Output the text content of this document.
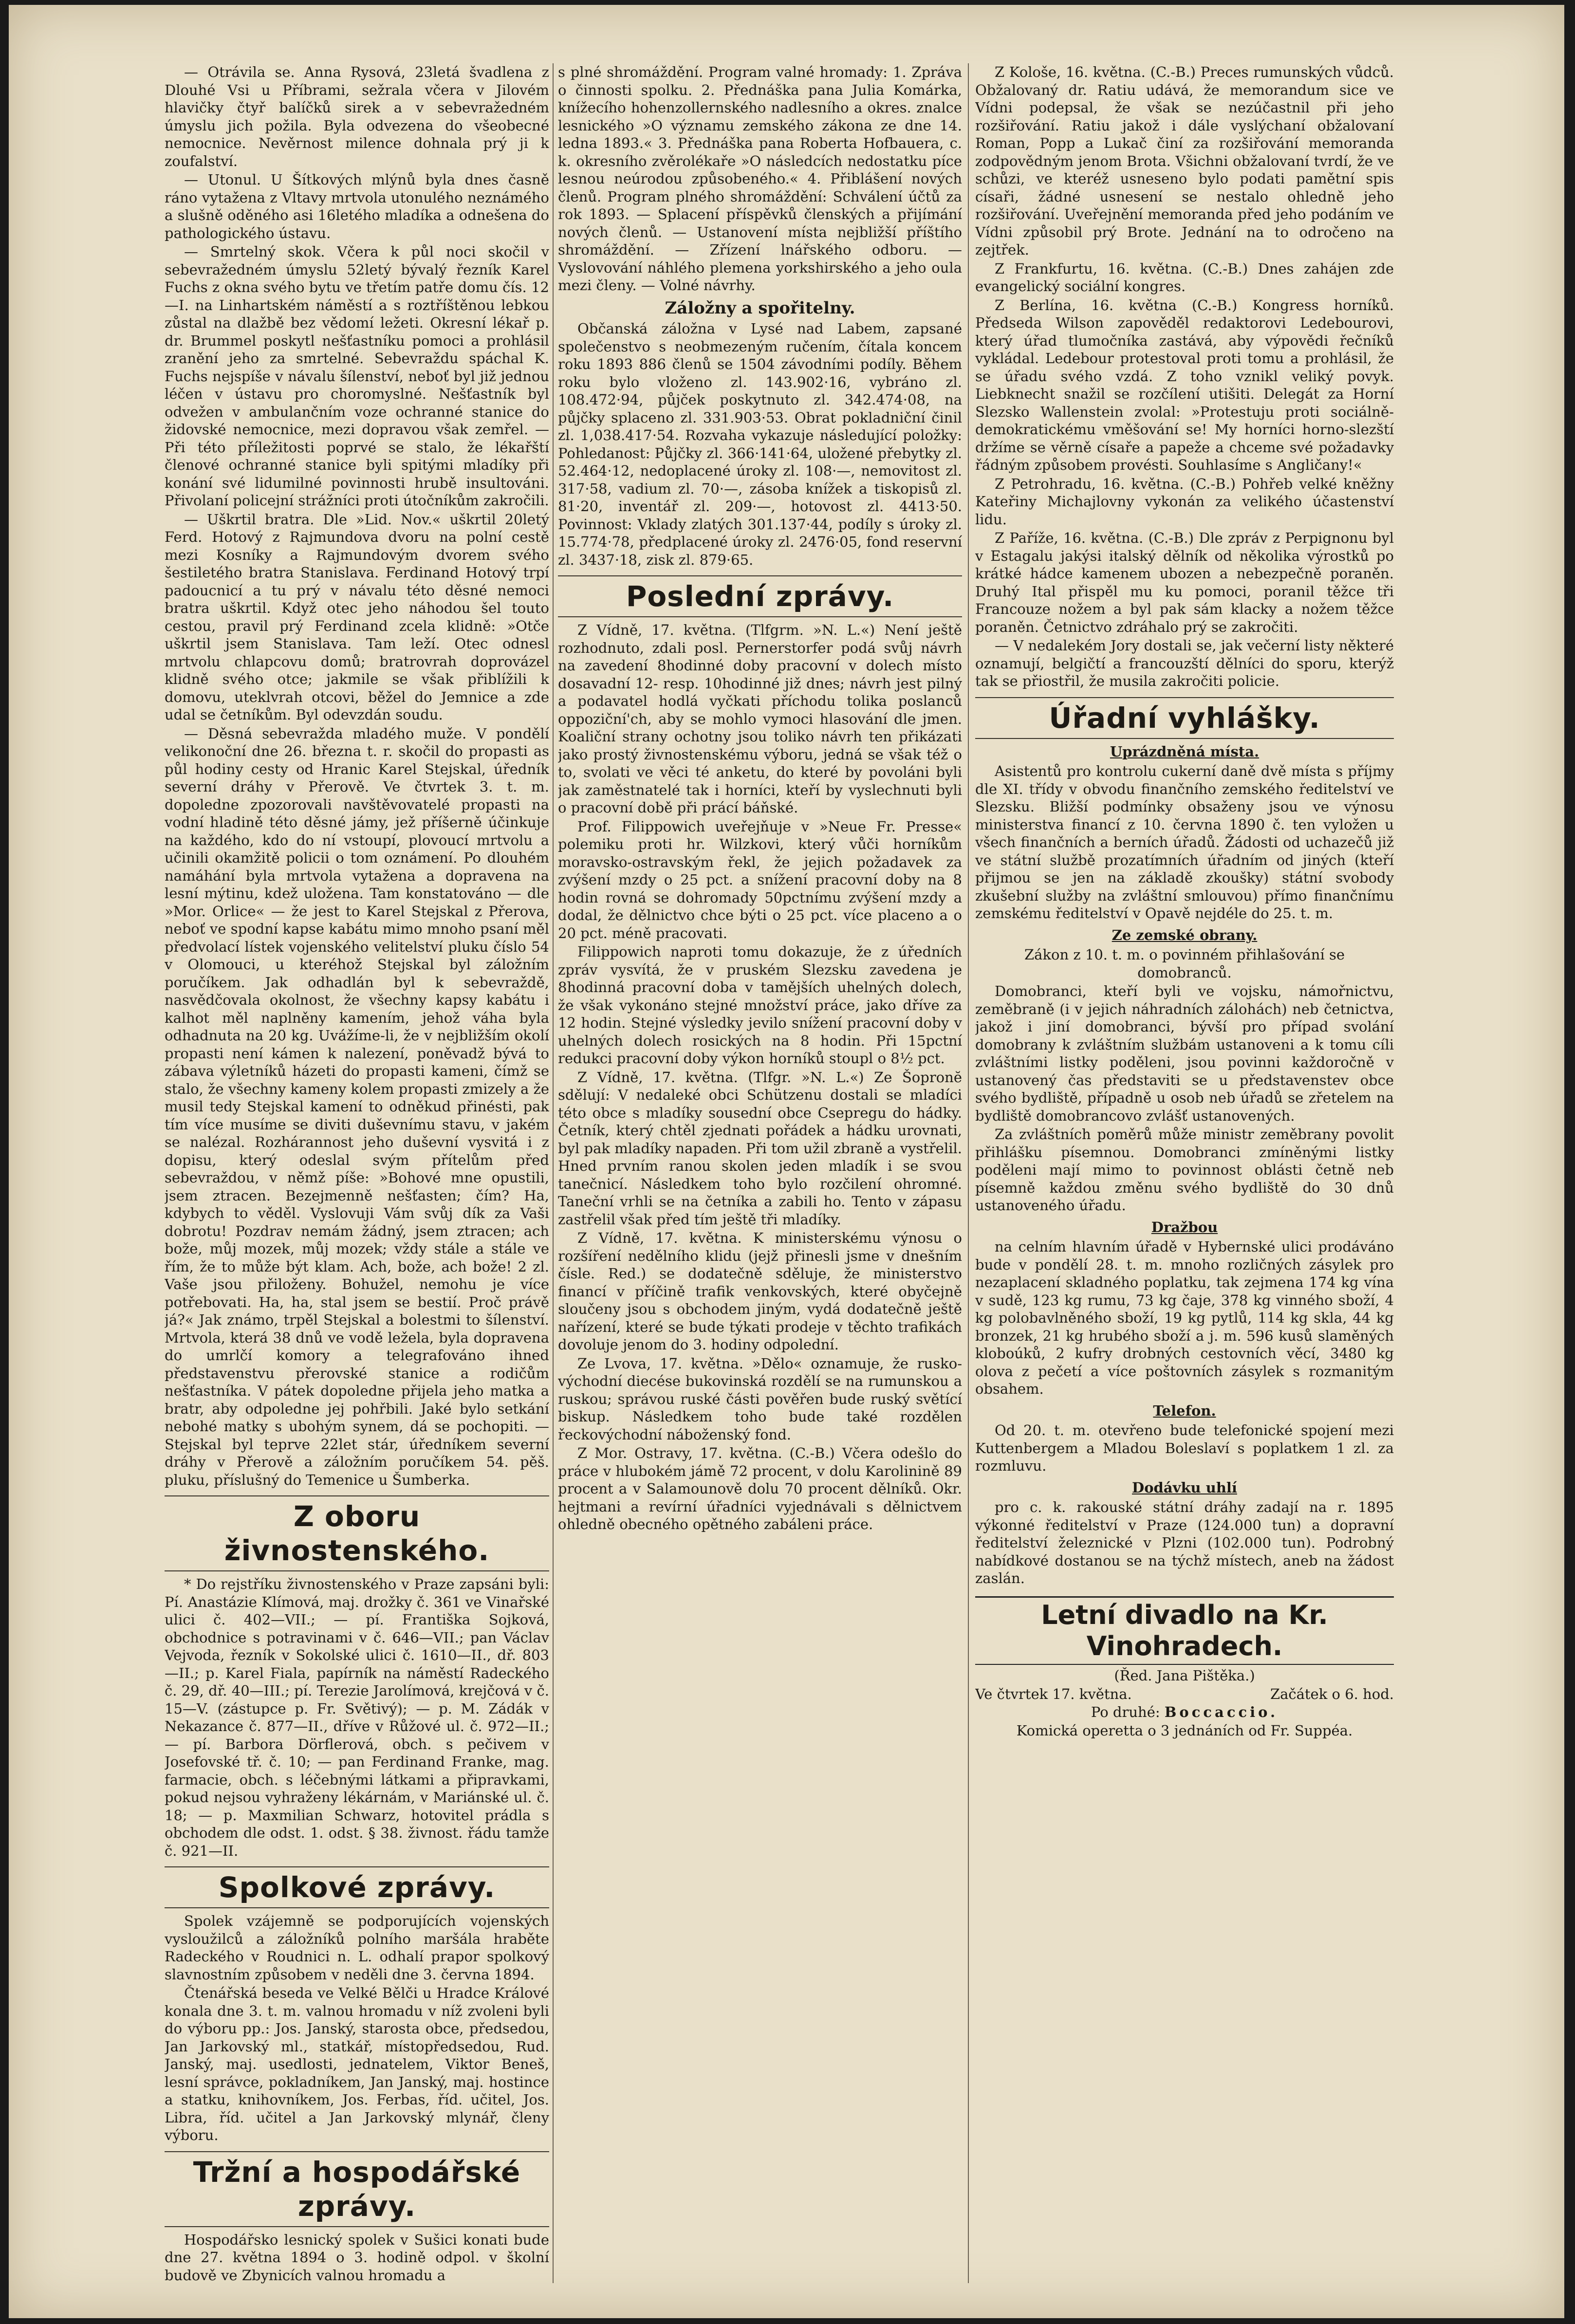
— Otrávila se. Anna Rysová, 23letá švadlena z Dlouhé Vsi u Příbrami, sežrala včera v Jilovém hlavičky čtyř balíčků sirek a v sebevražedném úmyslu jich požila. Byla odvezena do všeobecné nemocnice. Nevěrnost milence dohnala prý ji k zoufalství.

— Utonul. U Šítkových mlýnů byla dnes časně ráno vytažena z Vltavy mrtvola utonulého neznámého a slušně oděného asi 16letého mladíka a odnešena do pathologického ústavu.

— Smrtelný skok. Včera k půl noci skočil v sebevražedném úmyslu 52letý bývalý řezník Karel Fuchs z okna svého bytu ve třetím patře domu čís. 12—I. na Linhartském náměstí a s roztříštěnou lebkou zůstal na dlažbě bez vědomí ležeti. Okresní lékař p. dr. Brummel poskytl nešťastníku pomoci a prohlásil zranění jeho za smrtelné. Sebevraždu spáchal K. Fuchs nejspíše v návalu šílenství, neboť byl již jednou léčen v ústavu pro choromyslné. Nešťastník byl odvežen v ambulančním voze ochranné stanice do židovské nemocnice, mezi dopravou však zemřel. — Při této příležitosti poprvé se stalo, že lékařští členové ochranné stanice byli spitými mladíky při konání své lidumilné povinnosti hrubě insultováni. Přivolaní policejní strážníci proti útočníkům zakročili.

— Uškrtil bratra. Dle »Lid. Nov.« uškrtil 20letý Ferd. Hotový z Rajmundova dvoru na polní cestě mezi Kosníky a Rajmundovým dvorem svého šestiletého bratra Stanislava. Ferdinand Hotový trpí padoucnicí a tu prý v návalu této děsné nemoci bratra uškrtil. Když otec jeho náhodou šel touto cestou, pravil prý Ferdinand zcela klidně: »Otče uškrtil jsem Stanislava. Tam leží. Otec odnesl mrtvolu chlapcovu domů; bratrovrah doprovázel klidně svého otce; jakmile se však přiblížili k domovu, uteklvrah otcovi, běžel do Jemnice a zde udal se četníkům. Byl odevzdán soudu.

— Děsná sebevražda mladého muže. V pondělí velikonoční dne 26. března t. r. skočil do propasti as půl hodiny cesty od Hranic Karel Stejskal, úředník severní dráhy v Přerově. Ve čtvrtek 3. t. m. dopoledne zpozorovali navštěvovatelé propasti na vodní hladině této děsné jámy, jež příšerně účinkuje na každého, kdo do ní vstoupí, plovoucí mrtvolu a učinili okamžitě policii o tom oznámení. Po dlouhém namáhání byla mrtvola vytažena a dopravena na lesní mýtinu, kdež uložena. Tam konstatováno — dle »Mor. Orlice« — že jest to Karel Stejskal z Přerova, neboť ve spodní kapse kabátu mimo mnoho psaní měl předvolací lístek vojenského velitelství pluku číslo 54 v Olomouci, u kteréhož Stejskal byl záložním poručíkem. Jak odhadlán byl k sebevraždě, nasvědčovala okolnost, že všechny kapsy kabátu i kalhot měl naplněny kamením, jehož váha byla odhadnuta na 20 kg. Uvážíme-li, že v nejbližším okolí propasti není kámen k nalezení, poněvadž bývá to zábava výletníků házeti do propasti kameni, čímž se stalo, že všechny kameny kolem propasti zmizely a že musil tedy Stejskal kamení to odněkud přinésti, pak tím více musíme se diviti duševnímu stavu, v jakém se nalézal. Rozhárannost jeho duševní vysvitá i z dopisu, který odeslal svým přítelům před sebevraždou, v němž píše: »Bohové mne opustili, jsem ztracen. Bezejmenně nešťasten; čím? Ha, kdybych to věděl. Vyslovuji Vám svůj dík za Vaši dobrotu! Pozdrav nemám žádný, jsem ztracen; ach bože, můj mozek, můj mozek; vždy stále a stále ve řím, že to může být klam. Ach, bože, ach bože! 2 zl. Vaše jsou přiloženy. Bohužel, nemohu je více potřebovati. Ha, ha, stal jsem se bestií. Proč právě já?« Jak známo, trpěl Stejskal a bolestmi to šílenství. Mrtvola, která 38 dnů ve vodě ležela, byla dopravena do umrlčí komory a telegrafováno ihned představenstvu přerovské stanice a rodičům nešťastníka. V pátek dopoledne přijela jeho matka a bratr, aby odpoledne jej pohřbili. Jaké bylo setkání nebohé matky s ubohým synem, dá se pochopiti. — Stejskal byl teprve 22let stár, úředníkem severní dráhy v Přerově a záložním poručíkem 54. pěš. pluku, příslušný do Temenice u Šumberka.

Z oboru živnostenského.

* Do rejstříku živnostenského v Praze zapsáni byli: Pí. Anastázie Klímová, maj. drožky č. 361 ve Vinařské ulici č. 402—VII.; — pí. Františka Sojková, obchodnice s potravinami v č. 646—VII.; pan Václav Vejvoda, řezník v Sokolské ulici č. 1610—II., dř. 803—II.; p. Karel Fiala, papírník na náměstí Radeckého č. 29, dř. 40—III.; pí. Terezie Jarolímová, krejčová v č. 15—V. (zástupce p. Fr. Světivý); — p. M. Zádák v Nekazance č. 877—II., dříve v Růžové ul. č. 972—II.; — pí. Barbora Dörflerová, obch. s pečivem v Josefovské tř. č. 10; — pan Ferdinand Franke, mag. farmacie, obch. s léčebnými látkami a připravkami, pokud nejsou vyhraženy lékárnám, v Mariánské ul. č. 18; — p. Maxmilian Schwarz, hotovitel prádla s obchodem dle odst. 1. odst. § 38. živnost. řádu tamže č. 921—II.

Spolkové zprávy.

Spolek vzájemně se podporujících vojenských vysloužilců a záložníků polního maršála hraběte Radeckého v Roudnici n. L. odhalí prapor spolkový slavnostním způsobem v neděli dne 3. června 1894.

Čtenářská beseda ve Velké Bělči u Hradce Králové konala dne 3. t. m. valnou hromadu v níž zvoleni byli do výboru pp.: Jos. Janský, starosta obce, předsedou, Jan Jarkovský ml., statkář, místopředsedou, Rud. Janský, maj. usedlosti, jednatelem, Viktor Beneš, lesní správce, pokladníkem, Jan Janský, maj. hostince a statku, knihovníkem, Jos. Ferbas, říd. učitel, Jos. Libra, říd. učitel a Jan Jarkovský mlynář, členy výboru.

Tržní a hospodářské zprávy.

Hospodářsko lesnický spolek v Sušici konati bude dne 27. května 1894 o 3. hodině odpol. v školní budově ve Zbynicích valnou hromadu a

s plné shromáždění. Program valné hromady: 1. Zpráva o činnosti spolku. 2. Přednáška pana Julia Komárka, knížecího hohenzollernského nadlesního a okres. znalce lesnického »O významu zemského zákona ze dne 14. ledna 1893.« 3. Přednáška pana Roberta Hofbauera, c. k. okresního zvěrolékaře »O následcích nedostatku píce lesnou neúrodou způsobeného.« 4. Přiblášení nových členů. Program plného shromáždění: Schválení účtů za rok 1893. — Splacení příspěvků členských a přijímání nových členů. — Ustanovení místa nejbližší příštího shromáždění. — Zřízení lnářského odboru. — Vyslovování náhlého plemena yorkshirského a jeho oula mezi členy. — Volné návrhy.

Záložny a spořitelny.

Občanská záložna v Lysé nad Labem, zapsané společenstvo s neobmezeným ručením, čítala koncem roku 1893 886 členů se 1504 závodními podíly. Během roku bylo vloženo zl. 143.902·16, vybráno zl. 108.472·94, půjček poskytnuto zl. 342.474·08, na půjčky splaceno zl. 331.903·53. Obrat pokladniční činil zl. 1,038.417·54. Rozvaha vykazuje následující položky: Pohledanost: Půjčky zl. 366·141·64, uložené přebytky zl. 52.464·12, nedoplacené úroky zl. 108·—, nemovitost zl. 317·58, vadium zl. 70·—, zásoba knížek a tiskopisů zl. 81·20, inventář zl. 209·—, hotovost zl. 4413·50. Povinnost: Vklady zlatých 301.137·44, podíly s úroky zl. 15.774·78, předplacené úroky zl. 2476·05, fond reservní zl. 3437·18, zisk zl. 879·65.

Poslední zprávy.

Z Vídně, 17. května. (Tlfgrm. »N. L.«) Není ještě rozhodnuto, zdali posl. Pernerstorfer podá svůj návrh na zavedení 8hodinné doby pracovní v dolech místo dosavadní 12- resp. 10hodinné již dnes; návrh jest pilný a podavatel hodlá vyčkati příchodu tolika poslanců oppoziční'ch, aby se mohlo vymoci hlasování dle jmen. Koaliční strany ochotny jsou toliko návrh ten přikázati jako prostý živnostenskému výboru, jedná se však též o to, svolati ve věci té anketu, do které by povoláni byli jak zaměstnatelé tak i horníci, kteří by vyslechnuti byli o pracovní době při prácí báňské.

Prof. Filippowich uveřejňuje v »Neue Fr. Presse« polemiku proti hr. Wilzkovi, který vůči horníkům moravsko-ostravským řekl, že jejich požadavek za zvýšení mzdy o 25 pct. a snížení pracovní doby na 8 hodin rovná se dohromady 50pctnímu zvýšení mzdy a dodal, že dělnictvo chce býti o 25 pct. více placeno a o 20 pct. méně pracovati.

Filippowich naproti tomu dokazuje, že z úředních zpráv vysvítá, že v pruském Slezsku zavedena je 8hodinná pracovní doba v tamějších uhelných dolech, že však vykonáno stejné množství práce, jako dříve za 12 hodin. Stejné výsledky jevilo snížení pracovní doby v uhelných dolech rosických na 8 hodin. Při 15pctní redukci pracovní doby výkon horníků stoupl o 8½ pct.

Z Vídně, 17. května. (Tlfgr. »N. L.«) Ze Šopronĕ sdělují: V nedaleké obci Schützenu dostali se mladíci této obce s mladíky sousední obce Csepregu do hádky. Četník, který chtěl zjednati pořádek a hádku urovnati, byl pak mladíky napaden. Při tom užil zbraně a vystřelil. Hned prvním ranou skolen jeden mladík i se svou tanečnicí. Následkem toho bylo rozčilení ohromné. Taneční vrhli se na četníka a zabili ho. Tento v zápasu zastřelil však před tím ještě tři mladíky.

Z Vídně, 17. května. K ministerskému výnosu o rozšíření nedělního klidu (jejž přinesli jsme v dnešním čísle. Red.) se dodatečně sděluje, že ministerstvo financí v příčině trafik venkovských, které obyčejně sloučeny jsou s obchodem jiným, vydá dodatečně ještě nařízení, které se bude týkati prodeje v těchto trafikách dovoluje jenom do 3. hodiny odpolední.

Ze Lvova, 17. května. »Dělo« oznamuje, že rusko-východní diecése bukovinská rozdělí se na rumunskou a ruskou; správou ruské části pověřen bude ruský světící biskup. Následkem toho bude také rozdělen řeckovýchodní náboženský fond.

Z Mor. Ostravy, 17. května. (C.-B.) Včera odešlo do práce v hlubokém jámě 72 procent, v dolu Karolinině 89 procent a v Salamounově dolu 70 procent dělníků. Okr. hejtmani a revírní úřadníci vyjednávali s dělnictvem ohledně obecného opětného zabáleni práce.

Z Kološe, 16. května. (C.-B.) Preces rumunských vůdců. Obžalovaný dr. Ratiu udává, že memorandum sice ve Vídni podepsal, že však se nezúčastnil při jeho rozšiřování. Ratiu jakož i dále vyslýchaní obžalovaní Roman, Popp a Lukač činí za rozšiřování memoranda zodpovědným jenom Brota. Všichni obžalovaní tvrdí, že ve schůzi, ve kteréž usneseno bylo podati pamětní spis císaři, žádné usnesení se nestalo ohledně jeho rozšiřování. Uveřejnění memoranda před jeho podáním ve Vídni způsobil prý Brote. Jednání na to odročeno na zejtřek.

Z Frankfurtu, 16. května. (C.-B.) Dnes zahájen zde evangelický sociální kongres.

Z Berlína, 16. května (C.-B.) Kongress horníků. Předseda Wilson zapověděl redaktorovi Ledebourovi, který úřad tlumočníka zastává, aby výpovědi řečníků vykládal. Ledebour protestoval proti tomu a prohlásil, že se úřadu svého vzdá. Z toho vznikl veliký povyk. Liebknecht snažil se rozčílení utišiti. Delegát za Horní Slezsko Wallenstein zvolal: »Protestuju proti sociálně-demokratickému vměšování se! My horníci horno-slezští držíme se věrně císaře a papeže a chceme své požadavky řádným způsobem provésti. Souhlasíme s Angličany!«

Z Petrohradu, 16. května. (C.-B.) Pohřeb velké kněžny Kateřiny Michajlovny vykonán za velikého účastenství lidu.

Z Paříže, 16. května. (C.-B.) Dle zpráv z Perpignonu byl v Estagalu jakýsi italský dělník od několika výrostků po krátké hádce kamenem ubozen a nebezpečně poraněn. Druhý Ital přispěl mu ku pomoci, poranil těžce tři Francouze nožem a byl pak sám klacky a nožem těžce poraněn. Četnictvo zdráhalo prý se zakročiti.

— V nedalekém Jory dostali se, jak večerní listy některé oznamují, belgičtí a francouzští dělníci do sporu, kterýž tak se přiostřil, že musila zakročiti policie.

Úřadní vyhlášky.
Uprázdněná místa.

Asistentů pro kontrolu cukerní daně dvě místa s příjmy dle XI. třídy v obvodu finančního zemského ředitelství ve Slezsku. Bližší podmínky obsaženy jsou ve výnosu ministerstva financí z 10. června 1890 č. ten vyložen u všech finančních a berních úřadů. Žádosti od uchazečů již ve státní službě prozatímních úřadním od jiných (kteří přijmou se jen na základě zkoušky) státní svobody zkušební služby na zvláštní smlouvou) přímo finančnímu zemskému ředitelství v Opavě nejdéle do 25. t. m.

Ze zemské obrany.

Zákon z 10. t. m. o povinném přihlašování se domobranců.

Domobranci, kteří byli ve vojsku, námořnictvu, zeměbraně (i v jejich náhradních zálohách) neb četnictva, jakož i jiní domobranci, bývší pro případ svolání domobrany k zvláštním službám ustanoveni a k tomu cíli zvláštními listky poděleni, jsou povinni každoročně v ustanovený čas představiti se u představenstev obce svého bydliště, případně u osob neb úřadů se zřetelem na bydliště domobrancovo zvlášť ustanovených.

Za zvláštních poměrů může ministr zeměbrany povolit přihlášku písemnou. Domobranci zmíněnými listky poděleni mají mimo to povinnost oblásti četně neb písemně každou změnu svého bydliště do 30 dnů ustanoveného úřadu.

Dražbou

na celním hlavním úřadě v Hybernské ulici prodáváno bude v pondělí 28. t. m. mnoho rozličných zásylek pro nezaplacení skladného poplatku, tak zejmena 174 kg vína v sudě, 123 kg rumu, 73 kg čaje, 378 kg vinného sboží, 4 kg polobavlněného sboží, 19 kg pytlů, 114 kg skla, 44 kg bronzek, 21 kg hrubého sboží a j. m. 596 kusů slaměných kloboúků, 2 kufry drobných cestovních věcí, 3480 kg olova z pečetí a více poštovních zásylek s rozmanitým obsahem.

Telefon.

Od 20. t. m. otevřeno bude telefonické spojení mezi Kuttenbergem a Mladou Boleslaví s poplatkem 1 zl. za rozmluvu.

Dodávku uhlí

pro c. k. rakouské státní dráhy zadají na r. 1895 výkonné ředitelství v Praze (124.000 tun) a dopravní ředitelství železnické v Plzni (102.000 tun). Podrobný nabídkové dostanou se na týchž místech, aneb na žádost zaslán.

Letní divadlo na Kr. Vinohradech.

(Řed. Jana Pištěka.)

Ve čtvrtek 17. května.	Začátek o 6. hod.

Po druhé: Boccaccio.

Komická operetta o 3 jednáních od Fr. Suppéa.
